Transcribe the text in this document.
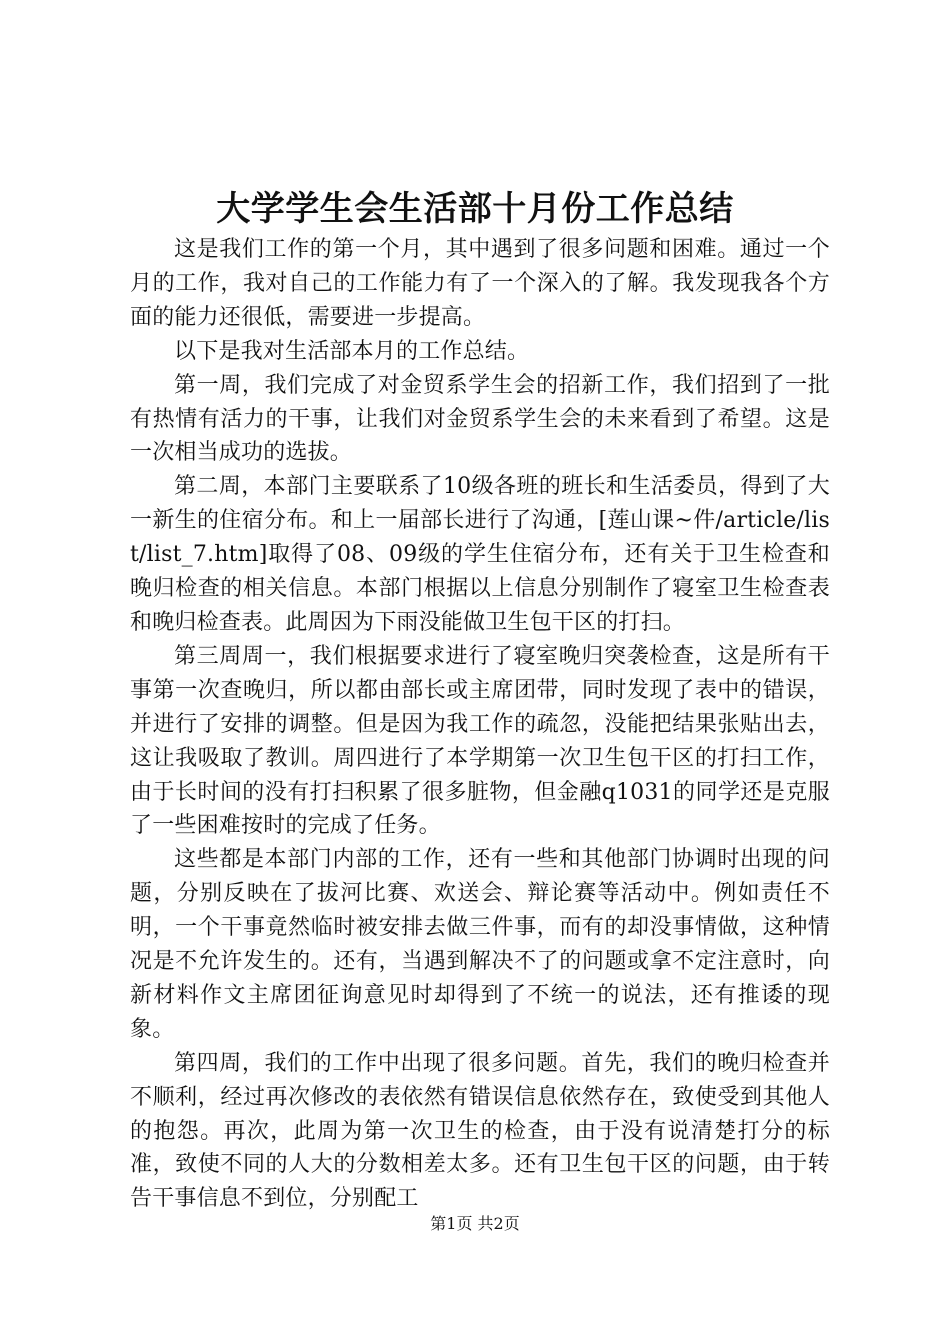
大学学生会生活部十月份工作总结

这是我们工作的第一个月，其中遇到了很多问题和困难。通过一个月的工作，我对自己的工作能力有了一个深入的了解。我发现我各个方面的能力还很低，需要进一步提高。

以下是我对生活部本月的工作总结。

第一周，我们完成了对金贸系学生会的招新工作，我们招到了一批有热情有活力的干事，让我们对金贸系学生会的未来看到了希望。这是一次相当成功的选拔。

第二周，本部门主要联系了10级各班的班长和生活委员，得到了大一新生的住宿分布。和上一届部长进行了沟通，[莲山课~件/article/list/list_7.htm]取得了08、09级的学生住宿分布，还有关于卫生检查和晚归检查的相关信息。本部门根据以上信息分别制作了寝室卫生检查表和晚归检查表。此周因为下雨没能做卫生包干区的打扫。

第三周周一，我们根据要求进行了寝室晚归突袭检查，这是所有干事第一次查晚归，所以都由部长或主席团带，同时发现了表中的错误，并进行了安排的调整。但是因为我工作的疏忽，没能把结果张贴出去，这让我吸取了教训。周四进行了本学期第一次卫生包干区的打扫工作，由于长时间的没有打扫积累了很多脏物，但金融q1031的同学还是克服了一些困难按时的完成了任务。

这些都是本部门内部的工作，还有一些和其他部门协调时出现的问题，分别反映在了拔河比赛、欢送会、辩论赛等活动中。例如责任不明，一个干事竟然临时被安排去做三件事，而有的却没事情做，这种情况是不允许发生的。还有，当遇到解决不了的问题或拿不定注意时，向新材料作文主席团征询意见时却得到了不统一的说法，还有推诿的现象。

第四周，我们的工作中出现了很多问题。首先，我们的晚归检查并不顺利，经过再次修改的表依然有错误信息依然存在，致使受到其他人的抱怨。再次，此周为第一次卫生的检查，由于没有说清楚打分的标准，致使不同的人大的分数相差太多。还有卫生包干区的问题，由于转告干事信息不到位，分别配工

第1页 共2页
